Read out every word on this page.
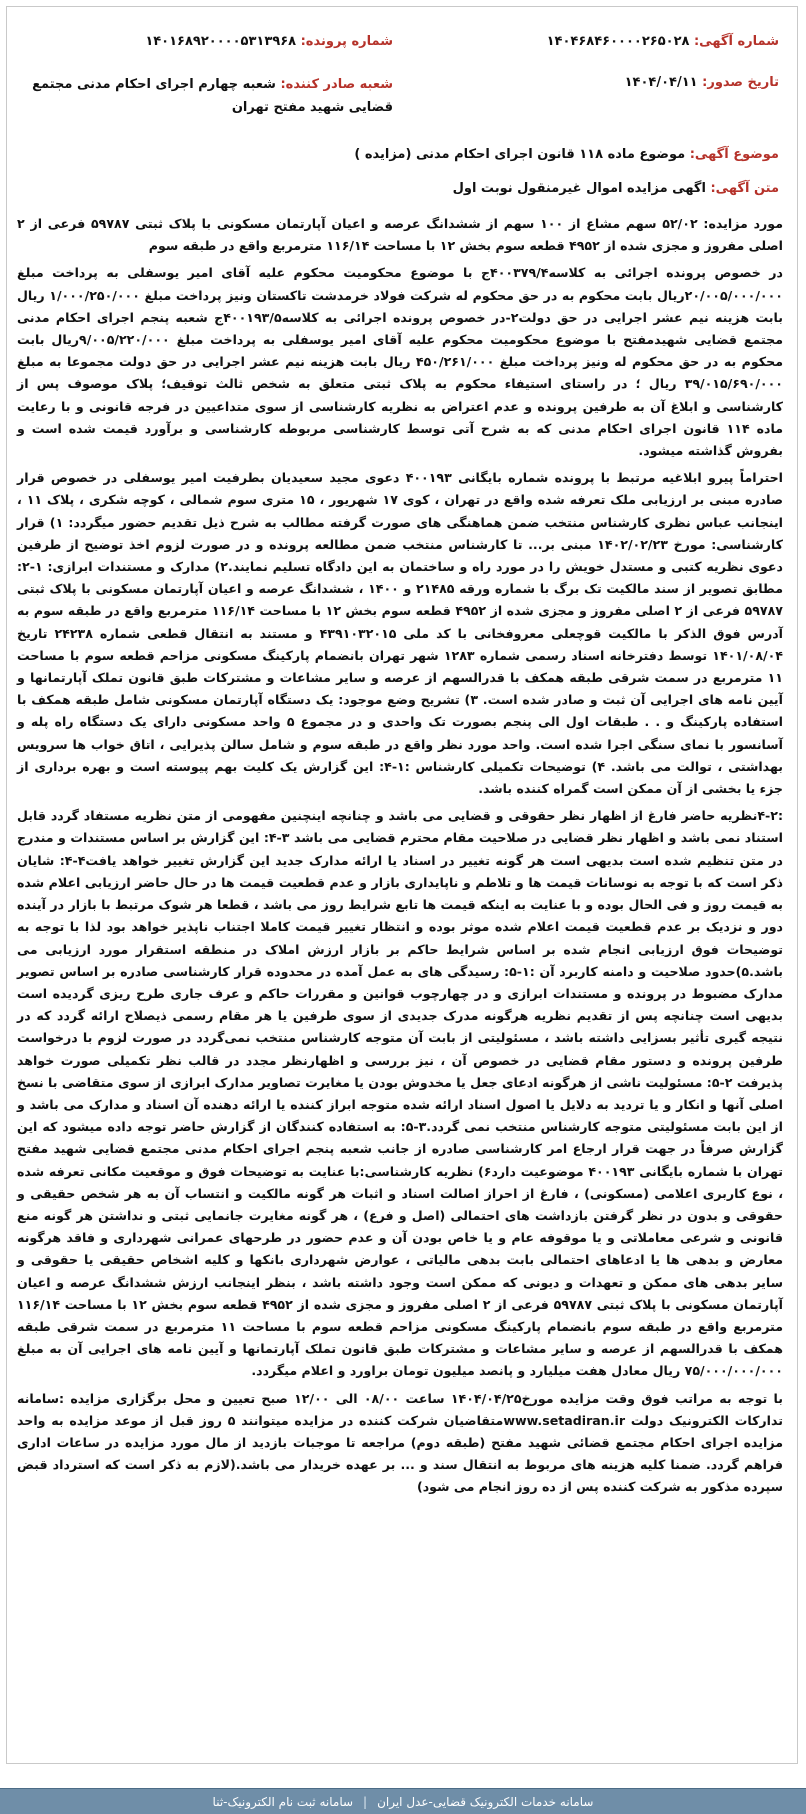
شماره آگهی: ۱۴۰۴۶۸۴۶۰۰۰۰۲۶۵۰۲۸
شماره پرونده: ۱۴۰۱۶۸۹۲۰۰۰۰۵۳۱۳۹۶۸
تاریخ صدور: ۱۴۰۴/۰۴/۱۱
شعبه صادر کننده: شعبه چهارم اجرای احکام مدنی مجتمع قضایی شهید مفتح تهران
موضوع آگهی: موضوع ماده ۱۱۸ قانون اجرای احکام مدنی (مزایده )
متن آگهی: اگهی مزایده اموال غیرمنقول نوبت اول

مورد مزایده: ۵۲/۰۲ سهم مشاع از ۱۰۰ سهم از ششدانگ عرصه و اعیان آپارتمان مسکونی با پلاک ثبتی ۵۹۷۸۷ فرعی از ۲ اصلی مفروز و مجزی شده از ۴۹۵۲ قطعه سوم بخش ۱۲ با مساحت ۱۱۶/۱۴ مترمربع واقع در طبقه سوم

در خصوص پرونده اجرائی به کلاسه۴۰۰۳۷۹/۴ج با موضوع محکومیت محکوم علیه آقای امیر یوسفلی به پرداخت مبلغ ۲۰/۰۰۵/۰۰۰/۰۰۰ریال بابت محکوم به در حق محکوم له شرکت فولاد خرمدشت تاکستان ونیز پرداخت مبلغ ۱/۰۰۰/۲۵۰/۰۰۰ ریال بابت هزینه نیم عشر اجرایی در حق دولت۲-در خصوص پرونده اجرائی به کلاسه۴۰۰۱۹۳/۵ج شعبه پنجم اجرای احکام مدنی مجتمع قضایی شهیدمفتح با موضوع محکومیت محکوم علیه آقای امیر یوسفلی به پرداخت مبلغ ۹/۰۰۵/۲۲۰/۰۰۰ریال بابت محکوم به در حق محکوم له ونیز پرداخت مبلغ ۴۵۰/۲۶۱/۰۰۰ ریال بابت هزینه نیم عشر اجرایی در حق دولت مجموعا به مبلغ ۳۹/۰۱۵/۶۹۰/۰۰۰ ریال ؛ در راستای استیفاء محکوم به پلاک ثبتی متعلق به شخص ثالث توقیف؛ پلاک موصوف پس از کارشناسی و ابلاغ آن به طرفین پرونده و عدم اعتراض به نظریه کارشناسی از سوی متداعیین در فرجه قانونی و با رعایت ماده ۱۱۴ قانون اجرای احکام مدنی که به شرح آتی توسط کارشناسی مربوطه کارشناسی و برآورد قیمت شده است و بفروش گذاشته میشود.

احتراماً پیرو ابلاغیه مرتبط با پرونده شماره بایگانی ۴۰۰۱۹۳ دعوی مجید سعیدیان بطرفیت امیر یوسفلی در خصوص قرار صادره مبنی بر ارزیابی ملک تعرفه شده واقع در تهران ، کوی ۱۷ شهریور ، ۱۵ متری سوم شمالی ، کوچه شکری ، پلاک ۱۱ ، اینجانب عباس نظری کارشناس منتخب ضمن هماهنگی های صورت گرفته مطالب به شرح ذیل تقدیم حضور میگردد: ۱) قرار کارشناسی: مورخ ۱۴۰۲/۰۲/۲۳ مبنی بر... تا کارشناس منتخب ضمن مطالعه پرونده و در صورت لزوم اخذ توضیح از طرفین دعوی نظریه کتبی و مستدل خویش را در مورد راه و ساختمان به این دادگاه تسلیم نمایند.۲) مدارک و مستندات ابرازی: ۱-۲: مطابق تصویر از سند مالکیت تک برگ با شماره ورقه ۲۱۴۸۵ و ۱۴۰۰ ، ششدانگ عرصه و اعیان آپارتمان مسکونی با پلاک ثبتی ۵۹۷۸۷ فرعی از ۲ اصلی مفروز و مجزی شده از ۴۹۵۲ قطعه سوم بخش ۱۲ با مساحت ۱۱۶/۱۴ مترمربع واقع در طبقه سوم به آدرس فوق الذکر با مالکیت قوچعلی معروفخانی با کد ملی ۴۳۹۱۰۳۲۰۱۵ و مستند به انتقال قطعی شماره ۲۴۲۳۸ تاریخ ۱۴۰۱/۰۸/۰۴ توسط دفترخانه اسناد رسمی شماره ۱۲۸۳ شهر تهران بانضمام پارکینگ مسکونی مزاحم قطعه سوم با مساحت ۱۱ مترمربع در سمت شرقی طبقه همکف با قدرالسهم از عرصه و سایر مشاعات و مشترکات طبق قانون تملک آپارتمانها و آیین نامه های اجرایی آن ثبت و صادر شده است. ۳) تشریح وضع موجود: یک دستگاه آپارتمان مسکونی شامل طبقه همکف با استفاده پارکینگ و . . طبقات اول الی پنجم بصورت تک واحدی و در مجموع ۵ واحد مسکونی دارای یک دستگاه راه پله و آسانسور با نمای سنگی اجرا شده است. واحد مورد نظر واقع در طبقه سوم و شامل سالن پذیرایی ، اتاق خواب ها سرویس بهداشتی ، توالت می باشد. ۴) توضیحات تکمیلی کارشناس :۱-۴: این گزارش یک کلیت بهم پیوسته است و بهره برداری از جزء یا بخشی از آن ممکن است گمراه کننده باشد.

:۴-۲نظریه حاضر فارغ از اظهار نظر حقوقی و قضایی می باشد و چنانچه اینچنین مفهومی از متن نظریه مستفاد گردد قابل استناد نمی باشد و اظهار نظر قضایی در صلاحیت مقام محترم قضایی می باشد ۳-۴: این گزارش بر اساس مستندات و مندرج در متن تنظیم شده است بدیهی است هر گونه تغییر در اسناد یا ارائه مدارک جدید این گزارش تغییر خواهد یافت۴-۴: شایان ذکر است که با توجه به نوسانات قیمت ها و تلاطم و ناپایداری بازار و عدم قطعیت قیمت ها در حال حاضر ارزیابی اعلام شده به قیمت روز و فی الحال بوده و با عنایت به اینکه قیمت ها تابع شرایط روز می باشد ، قطعا هر شوک مرتبط با بازار در آینده دور و نزدیک بر عدم قطعیت قیمت اعلام شده موثر بوده و انتظار تغییر قیمت کاملا اجتناب ناپذیر خواهد بود لذا با توجه به توضیحات فوق ارزیابی انجام شده بر اساس شرایط حاکم بر بازار ارزش املاک در منطقه استقرار مورد ارزیابی می باشد.۵)حدود صلاحیت و دامنه کاربرد آن :۱-۵: رسیدگی های به عمل آمده در محدوده قرار کارشناسی صادره بر اساس تصویر مدارک مضبوط در پرونده و مستندات ابرازی و در چهارچوب قوانین و مقررات حاکم و عرف جاری طرح ریزی گردیده است بدیهی است چنانچه پس از تقدیم نظریه هرگونه مدرک جدیدی از سوی طرفین یا هر مقام رسمی ذیصلاح ارائه گردد که در نتیجه گیری تأثیر بسزایی داشته باشد ، مسئولیتی از بابت آن متوجه کارشناس منتخب نمی‌گردد در صورت لزوم با درخواست طرفین پرونده و دستور مقام قضایی در خصوص آن ، نیز بررسی و اظهارنظر مجدد در قالب نظر تکمیلی صورت خواهد پذیرفت ۲-۵: مسئولیت ناشی از هرگونه ادعای جعل یا مخدوش بودن یا مغایرت تصاویر مدارک ابرازی از سوی متقاضی با نسخ اصلی آنها و انکار و یا تردید به دلایل یا اصول اسناد ارائه شده متوجه ابراز کننده یا ارائه دهنده آن اسناد و مدارک می باشد و از این بابت مسئولیتی متوجه کارشناس منتخب نمی گردد.۳-۵: به استفاده کنندگان از گزارش حاضر توجه داده میشود که این گزارش صرفاً در جهت قرار ارجاع امر کارشناسی صادره از جانب شعبه پنجم اجرای احکام مدنی مجتمع قضایی شهید مفتح تهران با شماره بایگانی ۴۰۰۱۹۳ موضوعیت دارد۶) نظریه کارشناسی:با عنایت به توضیحات فوق و موقعیت مکانی تعرفه شده ، نوع کاربری اعلامی (مسکونی) ، فارغ از احراز اصالت اسناد و اثبات هر گونه مالکیت و انتساب آن به هر شخص حقیقی و حقوقی و بدون در نظر گرفتن بازداشت های احتمالی (اصل و فرع) ، هر گونه مغایرت جانمایی ثبتی و نداشتن هر گونه منع قانونی و شرعی معاملاتی و یا موقوفه عام و یا خاص بودن آن و عدم حضور در طرحهای عمرانی شهرداری و فاقد هرگونه معارض و بدهی ها یا ادعاهای احتمالی بابت بدهی مالیاتی ، عوارض شهرداری بانکها و کلیه اشخاص حقیقی یا حقوقی و سایر بدهی های ممکن و تعهدات و دیونی که ممکن است وجود داشته باشد ، بنظر اینجانب ارزش ششدانگ عرصه و اعیان آپارتمان مسکونی با پلاک ثبتی ۵۹۷۸۷ فرعی از ۲ اصلی مفروز و مجزی شده از ۴۹۵۲ قطعه سوم بخش ۱۲ با مساحت ۱۱۶/۱۴ مترمربع واقع در طبقه سوم بانضمام پارکینگ مسکونی مزاحم قطعه سوم با مساحت ۱۱ مترمربع در سمت شرقی طبقه همکف با قدرالسهم از عرصه و سایر مشاعات و مشترکات طبق قانون تملک آپارتمانها و آیین نامه های اجرایی آن به مبلغ ۷۵/۰۰۰/۰۰۰/۰۰۰ ریال معادل هفت میلیارد و پانصد میلیون تومان براورد و اعلام میگردد.

با توجه به مراتب فوق وقت مزایده مورخ۱۴۰۴/۰۴/۲۵ ساعت ۰۸/۰۰ الی ۱۲/۰۰ صبح تعیین و محل برگزاری مزایده :سامانه تدارکات الکترونیک دولت www.setadiran.irمتقاضیان شرکت کننده در مزایده میتوانند ۵ روز قبل از موعد مزایده به واحد مزایده اجرای احکام مجتمع قضائی شهید مفتح (طبقه دوم) مراجعه تا موجبات بازدید از مال مورد مزایده در ساعات اداری فراهم گردد. ضمنا کلیه هزینه های مربوط به انتقال سند و ... بر عهده خریدار می باشد.(لازم به ذکر است که استرداد قبض سپرده مذکور به شرکت کننده پس از ده روز انجام می شود)

سامانه خدمات الکترونیک قضایی-عدل ایران
|
سامانه ثبت نام الکترونیک-ثنا
